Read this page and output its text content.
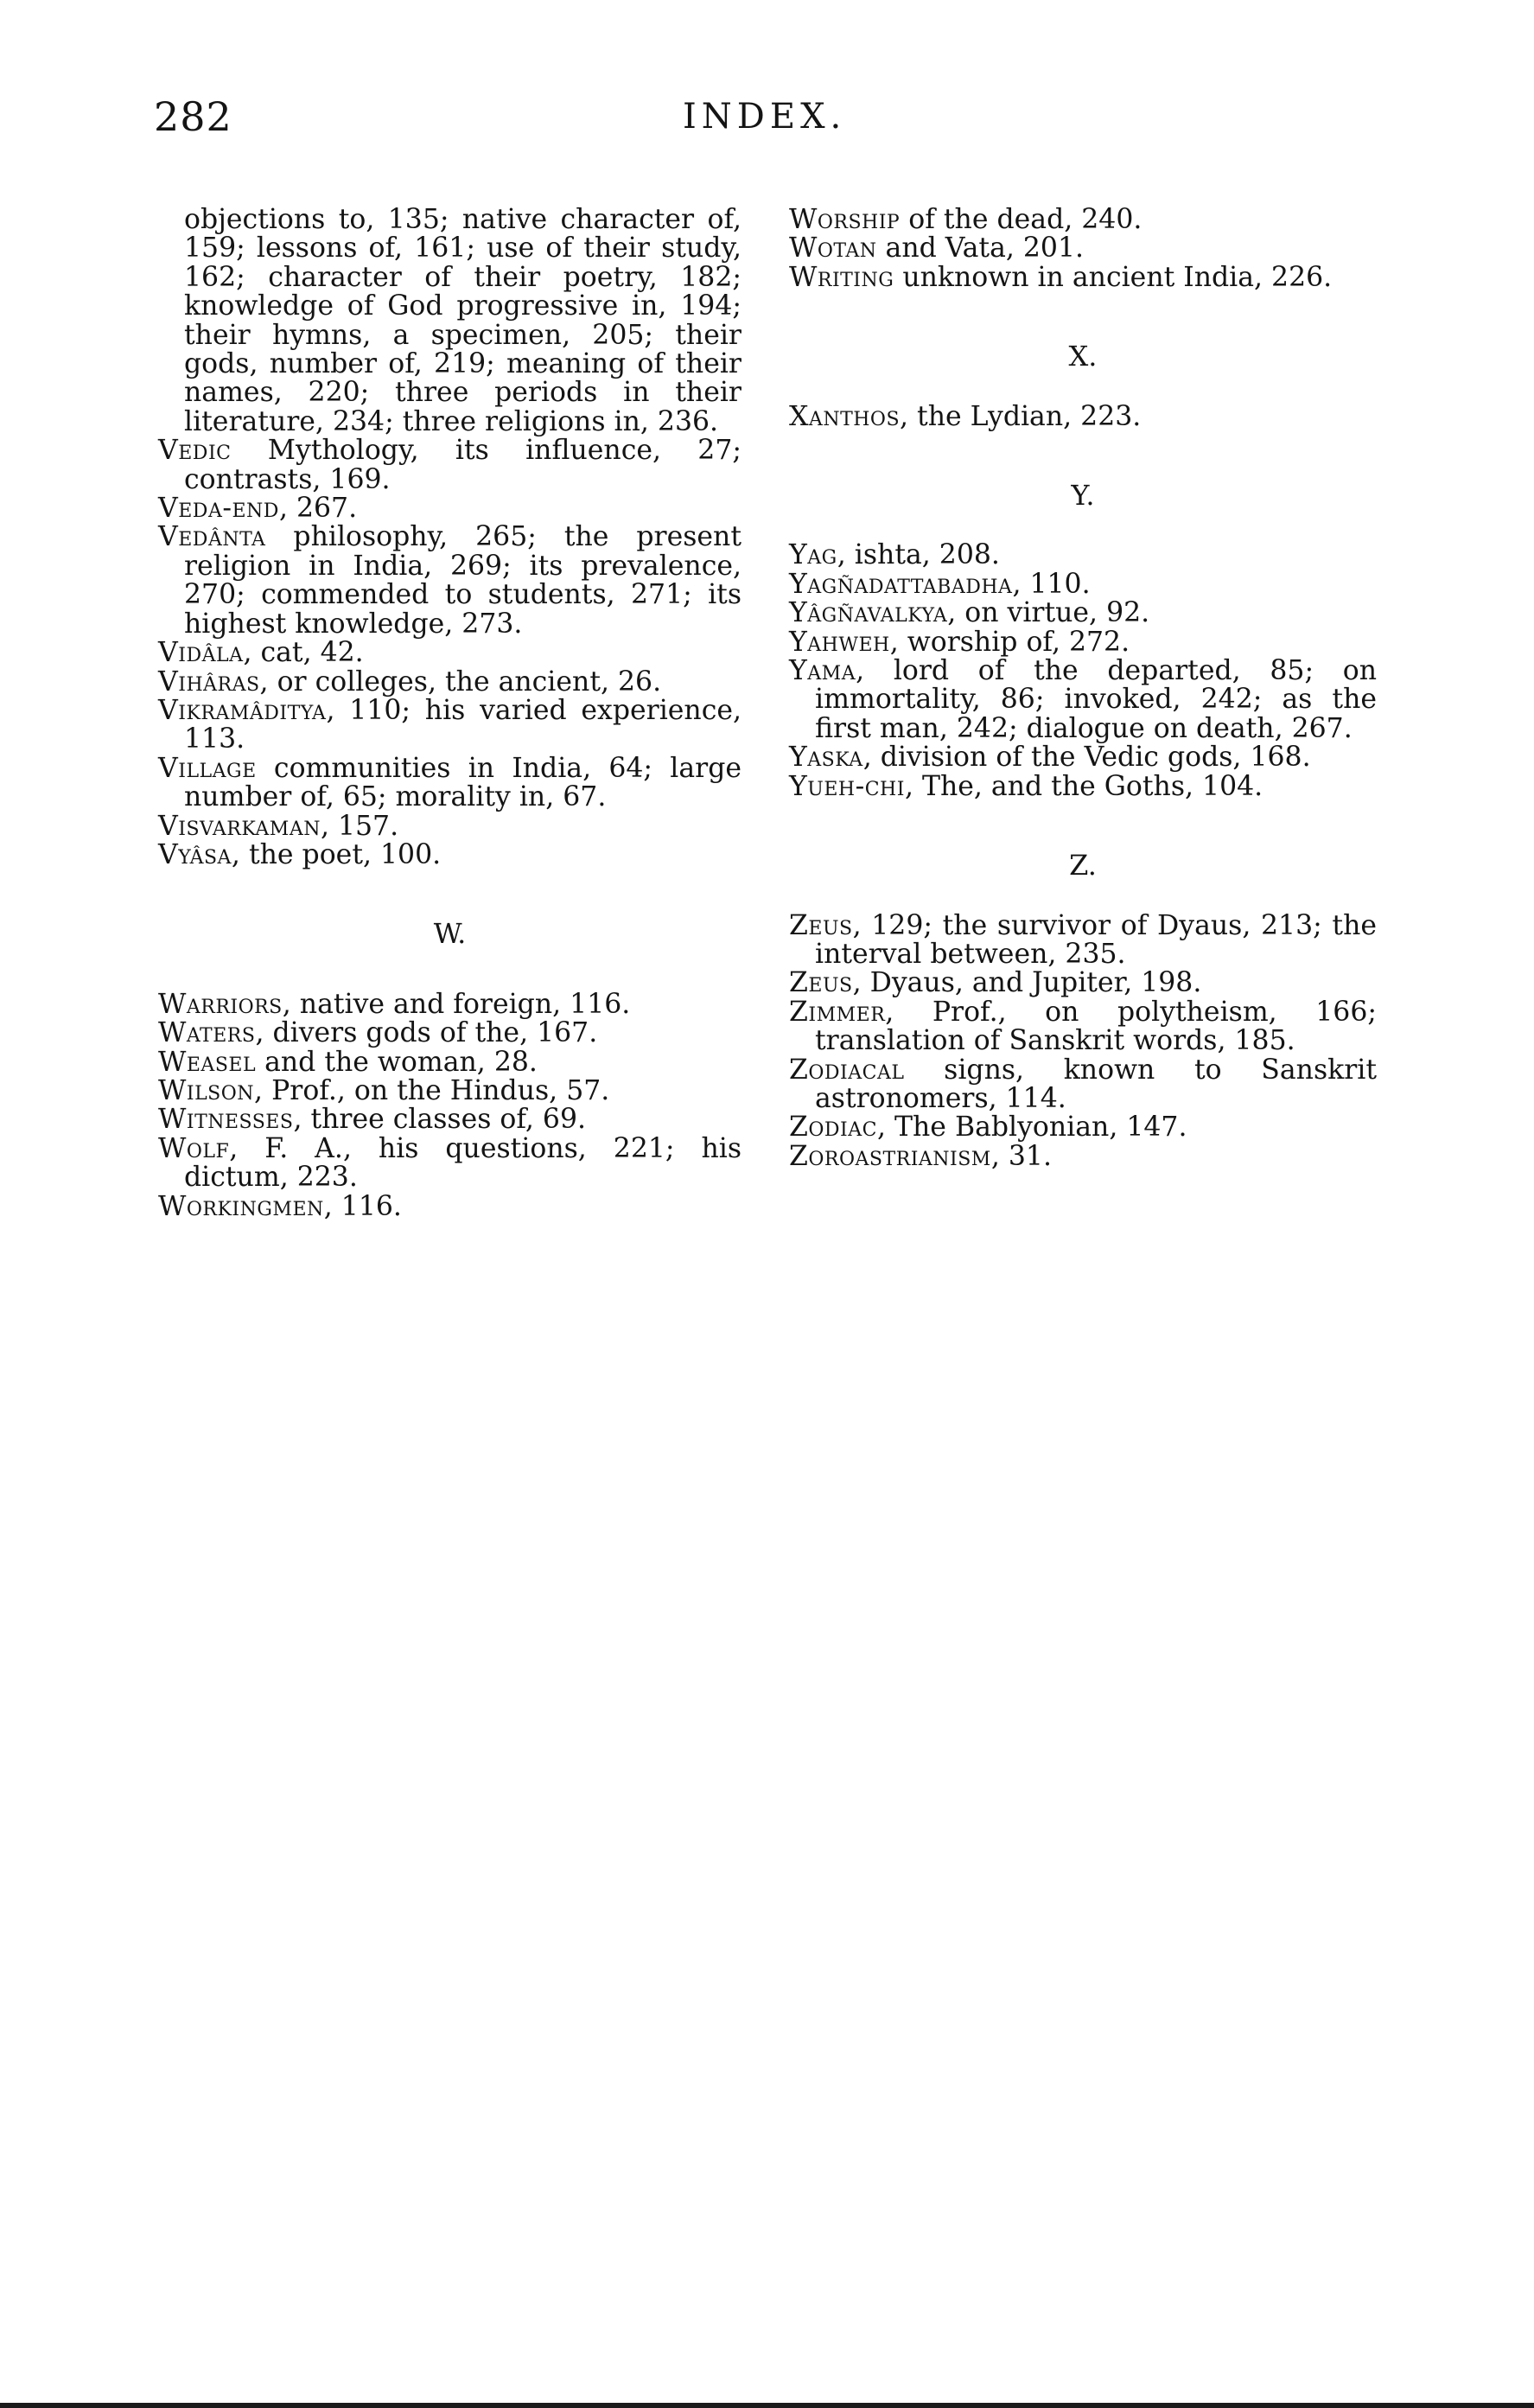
282	INDEX.

objections to, 135; native character of, 159; lessons of, 161; use of their study, 162; character of their poetry, 182; knowledge of God progressive in, 194; their hymns, a specimen, 205; their gods, number of, 219; meaning of their names, 220; three periods in their literature, 234; three religions in, 236.

Vedic Mythology, its influence, 27; contrasts, 169.

Veda-end, 267.

Vedânta philosophy, 265; the present religion in India, 269; its prevalence, 270; commended to students, 271; its highest knowledge, 273.

Vidâla, cat, 42.

Vihâras, or colleges, the ancient, 26.

Vikramâditya, 110; his varied experience, 113.

Village communities in India, 64; large number of, 65; morality in, 67.

Visvarkaman, 157.

Vyâsa, the poet, 100.

W.

Warriors, native and foreign, 116.

Waters, divers gods of the, 167.

Weasel and the woman, 28.

Wilson, Prof., on the Hindus, 57.

Witnesses, three classes of, 69.

Wolf, F. A., his questions, 221; his dictum, 223.

Workingmen, 116.

Worship of the dead, 240.

Wotan and Vata, 201.

Writing unknown in ancient India, 226.

X.

Xanthos, the Lydian, 223.

Y.

Yag, ishta, 208.

Yagñadattabadha, 110.

Yâgñavalkya, on virtue, 92.

Yahweh, worship of, 272.

Yama, lord of the departed, 85; on immortality, 86; invoked, 242; as the first man, 242; dialogue on death, 267.

Yaska, division of the Vedic gods, 168.

Yueh-chi, The, and the Goths, 104.

Z.

Zeus, 129; the survivor of Dyaus, 213; the interval between, 235.

Zeus, Dyaus, and Jupiter, 198.

Zimmer, Prof., on polytheism, 166; translation of Sanskrit words, 185.

Zodiacal signs, known to Sanskrit astronomers, 114.

Zodiac, The Bablyonian, 147.

Zoroastrianism, 31.
